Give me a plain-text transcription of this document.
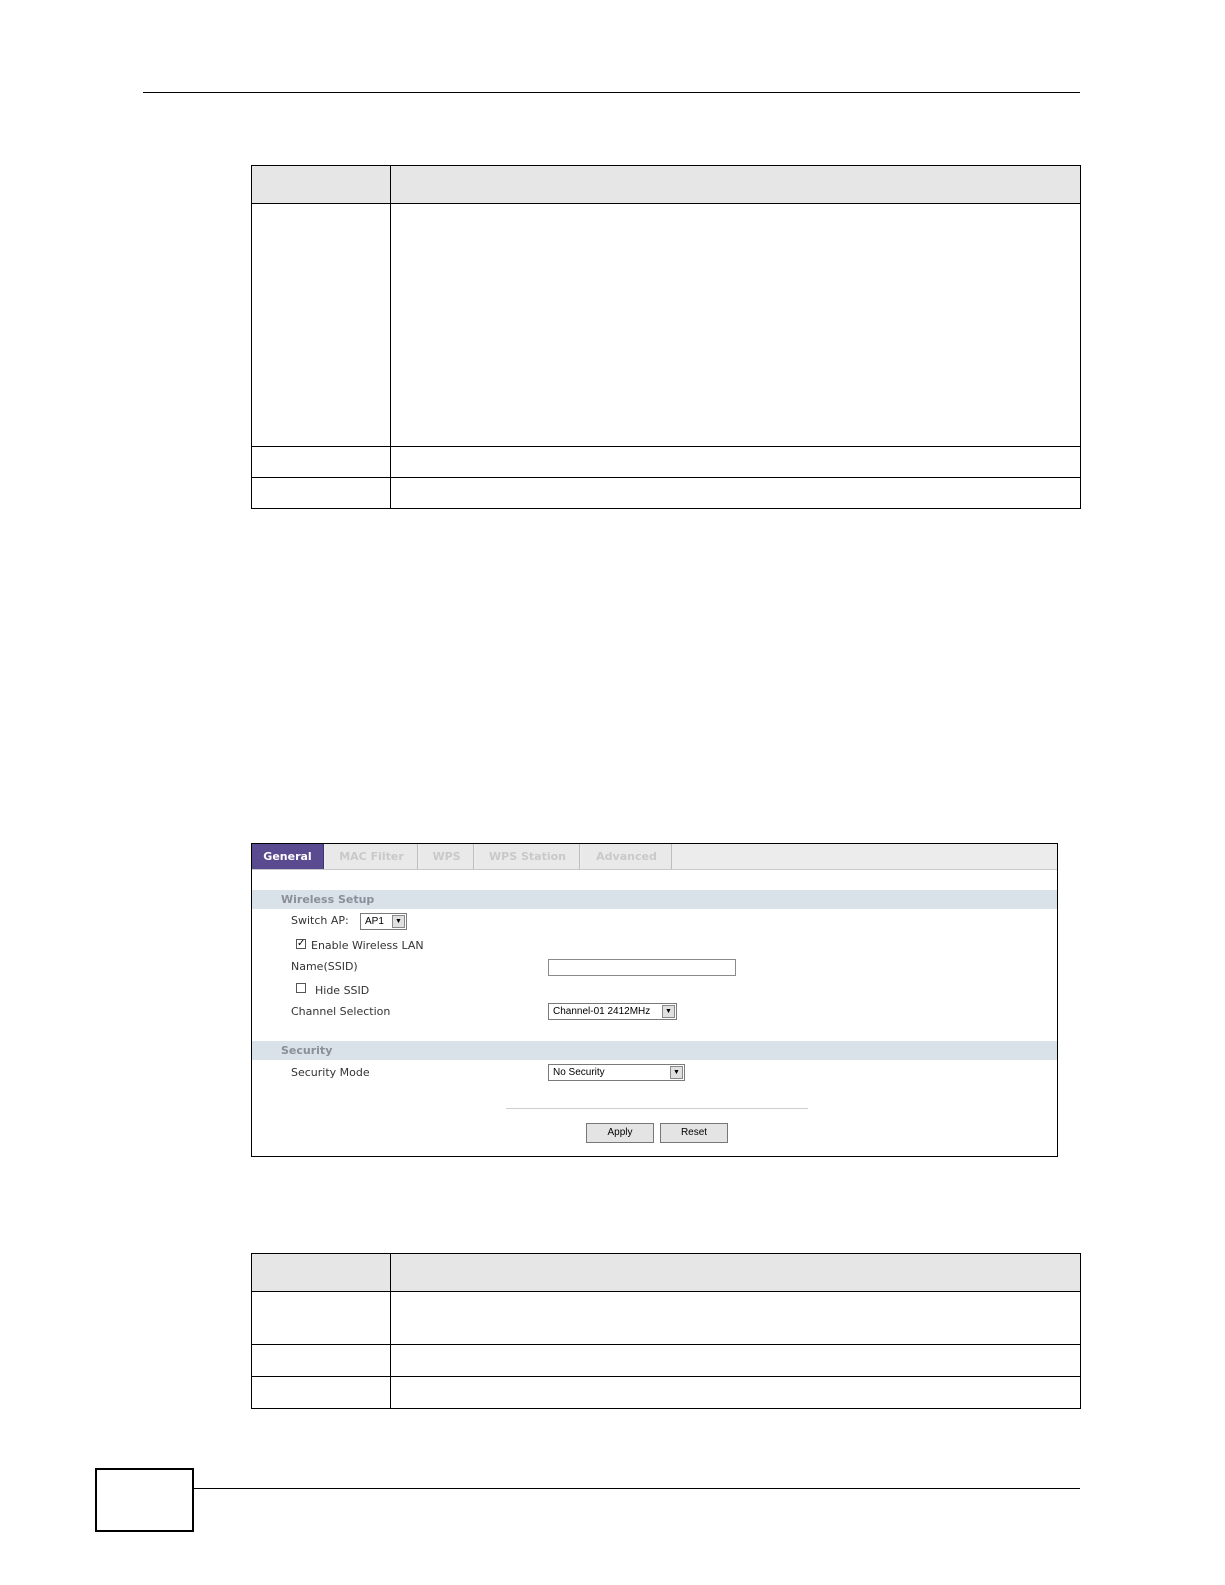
General	MAC Filter	WPS	WPS Station	Advanced
Wireless Setup
Switch AP:	AP1	▼
✓ Enable Wireless LAN
Name(SSID)
Hide SSID
Channel Selection	Channel-01 2412MHz	▼
Security
Security Mode	No Security	▼
Apply	Reset
